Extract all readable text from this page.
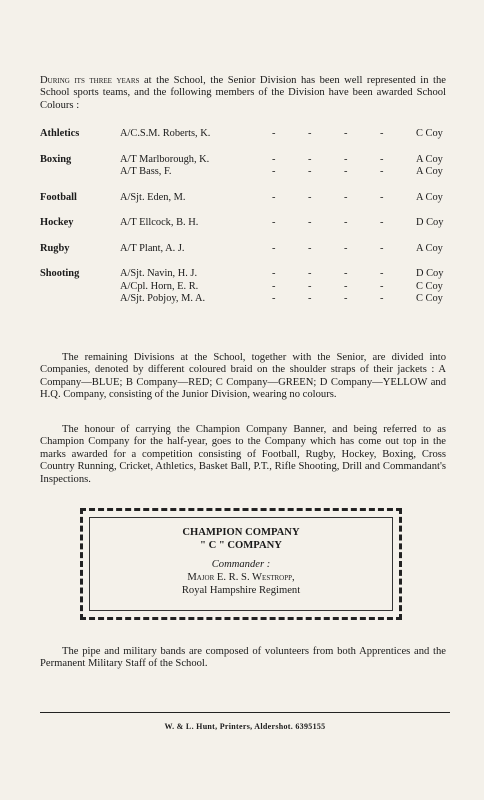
During its three years at the School, the Senior Division has been well represented in the School sports teams, and the following members of the Division have been awarded School Colours :
Athletics	A/C.S.M. Roberts, K.	-	-	-	-	C Coy
Boxing	A/T Marlborough, K.	-	-	-	-	A Coy
A/T Bass, F.	-	-	-	-	A Coy
Football	A/Sjt. Eden, M.	-	-	-	-	A Coy
Hockey	A/T Ellcock, B. H.	-	-	-	-	D Coy
Rugby	A/T Plant, A. J.	-	-	-	-	A Coy
Shooting	A/Sjt. Navin, H. J.	-	-	-	-	D Coy
A/Cpl. Horn, E. R.	-	-	-	-	C Coy
A/Sjt. Pobjoy, M. A.	-	-	-	-	C Coy
The remaining Divisions at the School, together with the Senior, are divided into Companies, denoted by different coloured braid on the shoulder straps of their jackets : A Company—BLUE; B Company—RED; C Company—GREEN; D Company—YELLOW and H.Q. Company, consisting of the Junior Division, wearing no colours.
The honour of carrying the Champion Company Banner, and being referred to as Champion Company for the half-year, goes to the Company which has come out top in the marks awarded for a competition consisting of Football, Rugby, Hockey, Boxing, Cross Country Running, Cricket, Athletics, Basket Ball, P.T., Rifle Shooting, Drill and Commandant's Inspections.
CHAMPION COMPANY
" C " COMPANY
Commander :
Major E. R. S. Westropp,
Royal Hampshire Regiment
The pipe and military bands are composed of volunteers from both Apprentices and the Permanent Military Staff of the School.
W. & L. Hunt, Printers, Aldershot. 6395155
